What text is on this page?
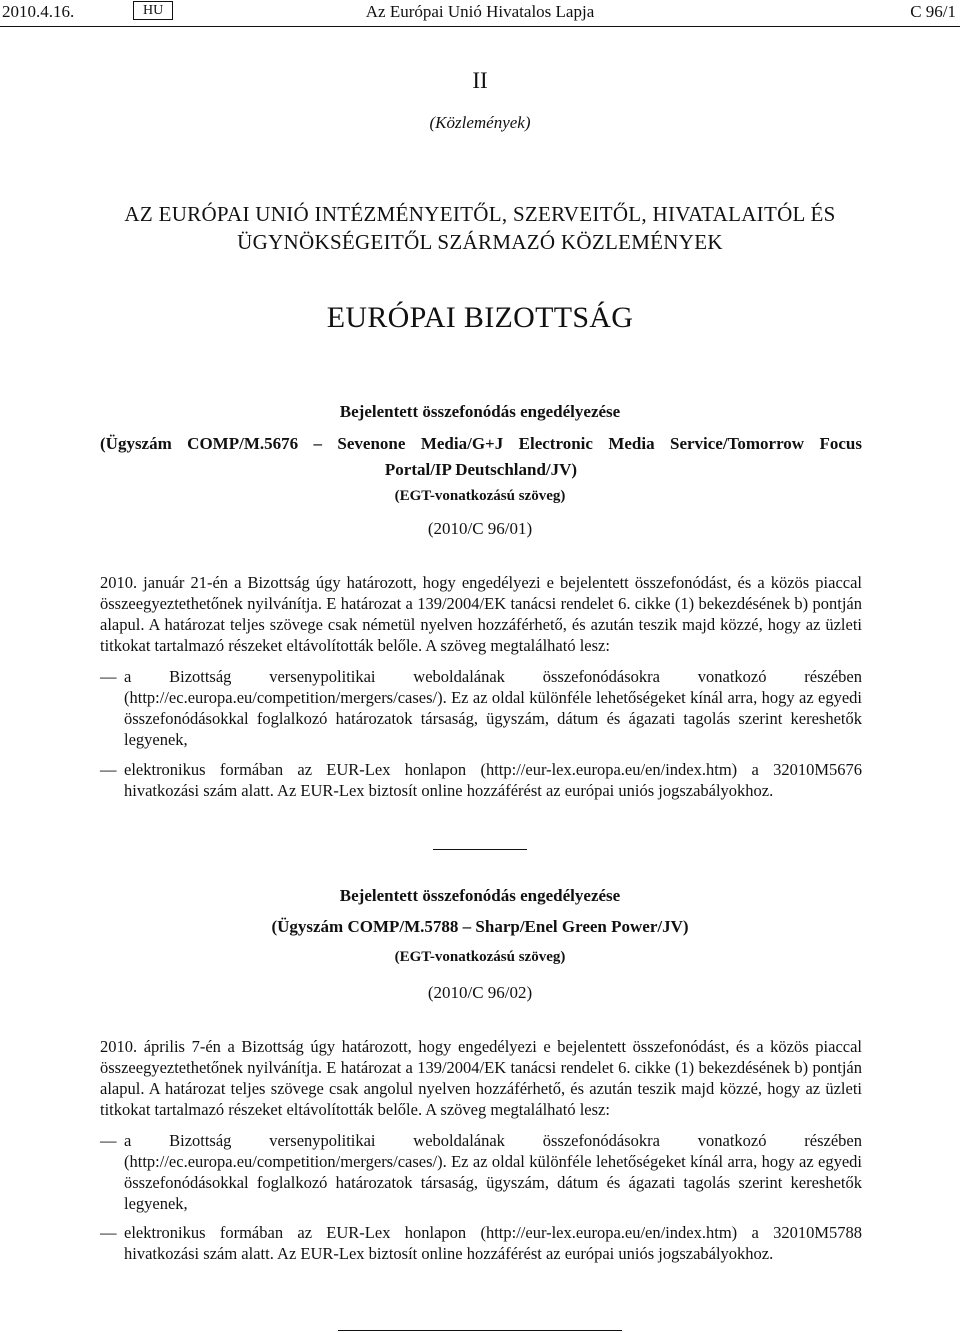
Az Európai Unió Hivatalos Lapja
2010.4.16.	HU	C 96/1
II
(Közlemények)
AZ EURÓPAI UNIÓ INTÉZMÉNYEITŐL, SZERVEITŐL, HIVATALAITÓL ÉS
ÜGYNÖKSÉGEITŐL SZÁRMAZÓ KÖZLEMÉNYEK
EURÓPAI BIZOTTSÁG
Bejelentett összefonódás engedélyezése
(Ügyszám COMP/M.5676 – Sevenone Media/G+J Electronic Media Service/Tomorrow Focus
Portal/IP Deutschland/JV)
(EGT-vonatkozású szöveg)
(2010/C 96/01)
2010. január 21-én a Bizottság úgy határozott, hogy engedélyezi e bejelentett összefonódást, és a közös piaccal összeegyeztethetőnek nyilvánítja. E határozat a 139/2004/EK tanácsi rendelet 6. cikke (1) bekezdésének b) pontján alapul. A határozat teljes szövege csak németül nyelven hozzáférhető, és azután teszik majd közzé, hogy az üzleti titkokat tartalmazó részeket eltávolították belőle. A szöveg megtalálható lesz:
— a Bizottság versenypolitikai weboldalának összefonódásokra vonatkozó részében (http://ec.europa.eu/competition/mergers/cases/). Ez az oldal különféle lehetőségeket kínál arra, hogy az egyedi összefonódásokkal foglalkozó határozatok társaság, ügyszám, dátum és ágazati tagolás szerint kereshetők legyenek,
— elektronikus formában az EUR-Lex honlapon (http://eur-lex.europa.eu/en/index.htm) a 32010M5676 hivatkozási szám alatt. Az EUR-Lex biztosít online hozzáférést az európai uniós jogszabályokhoz.
Bejelentett összefonódás engedélyezése
(Ügyszám COMP/M.5788 – Sharp/Enel Green Power/JV)
(EGT-vonatkozású szöveg)
(2010/C 96/02)
2010. április 7-én a Bizottság úgy határozott, hogy engedélyezi e bejelentett összefonódást, és a közös piaccal összeegyeztethetőnek nyilvánítja. E határozat a 139/2004/EK tanácsi rendelet 6. cikke (1) bekezdésének b) pontján alapul. A határozat teljes szövege csak angolul nyelven hozzáférhető, és azután teszik majd közzé, hogy az üzleti titkokat tartalmazó részeket eltávolították belőle. A szöveg megtalálható lesz:
— a Bizottság versenypolitikai weboldalának összefonódásokra vonatkozó részében (http://ec.europa.eu/competition/mergers/cases/). Ez az oldal különféle lehetőségeket kínál arra, hogy az egyedi összefonódásokkal foglalkozó határozatok társaság, ügyszám, dátum és ágazati tagolás szerint kereshetők legyenek,
— elektronikus formában az EUR-Lex honlapon (http://eur-lex.europa.eu/en/index.htm) a 32010M5788 hivatkozási szám alatt. Az EUR-Lex biztosít online hozzáférést az európai uniós jogszabályokhoz.
